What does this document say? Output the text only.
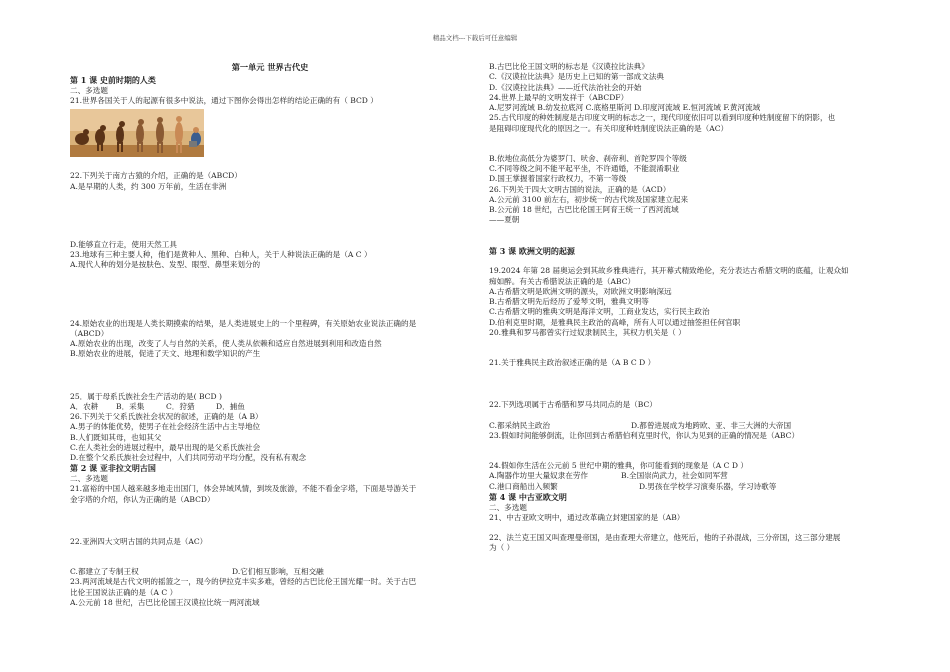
精品文档---下载后可任意编辑
第一单元 世界古代史
第 1 课 史前时期的人类
二、多选题
21.世界各国关于人的起源有很多中说法，通过下图你会得出怎样的结论正确的有（ BCD ）
22.下列关于南方古猿的介绍，正确的是（ABCD）
A.是早期的人类，约 300 万年前，生活在非洲
D.能够直立行走，使用天然工具
23.地球有三种主要人种，他们是黄种人、黑种、白种人，关于人种说法正确的是（A C ）
A.现代人种的划分是按肤色、发型、眼型、鼻型来划分的
24.原始农业的出现是人类长期摸索的结果，是人类进展史上的一个里程碑，有关原始农业说法正确的是
（ABCD）
A.原始农业的出现，改变了人与自然的关系，使人类从依赖和适应自然进展到利用和改造自然
B.原始农业的进展，促进了天文、地理和数学知识的产生
25．属于母系氏族社会生产活动的是( BCD )
A．农耕	B．采集	C．狩猎	D．捕鱼
26.下列关于父系氏族社会状况的叙述，正确的是（A B）
A.男子的体能优势，使男子在社会经济生活中占主导地位
B.人们既知其母，也知其父
C.在人类社会的进展过程中，最早出现的是父系氏族社会
D.在整个父系氏族社会过程中，人们共同劳动平均分配，没有私有观念
第 2 课 亚非拉文明古国
二、多选题
21.富裕的中国人越来越多地走出国门，体会异域风情，到埃及旅游，不能不看金字塔，下面是导游关于
金字塔的介绍，你认为正确的是（ABCD）
22.亚洲四大文明古国的共同点是（AC）
C.都建立了专制王权	D.它们相互影响，互相交融
23.两河流域是古代文明的摇篮之一，现今的伊拉克丰实多难，曾经的古巴比伦王国光耀一时。关于古巴
比伦王国说法正确的是（A C ）
A.公元前 18 世纪，古巴比伦国王汉谟拉比统一两河流域
B.古巴比伦王国文明的标志是《汉谟拉比法典》
C.《汉谟拉比法典》是历史上已知的第一部成文法典
D.《汉谟拉比法典》——近代法治社会的开始
24.世界上最早的文明发祥于（ABCDF）
A.尼罗河流域 B.幼发拉底河 C.底格里斯河 D.印度河流域 E.恒河流域 F.黄河流域
25.古代印度的种姓制度是古印度文明的标志之一，现代印度依旧可以看到印度种姓制度留下的阴影，也
是阻碍印度现代化的原因之一。有关印度种姓制度说法正确的是（AC）
B.依地位高低分为婆罗门、吠舍、刹帝利、首陀罗四个等级
C.不同等级之间不能平起平坐，不许通婚，不能混淆职业
D.国王掌握着国家行政权力，不第一等级
26.下列关于四大文明古国的说法，正确的是（ACD）
A.公元前 3100 前左右，初步统一的古代埃及国家建立起来
B.公元前 18 世纪，古巴比伦国王阿育王统一了西河流域
——夏朝
第 3 课 欧洲文明的起源
19.2024 年第 28 届奥运会到其故乡雅典进行，其开幕式精致绝伦，充分表达古希腊文明的底蕴，让观众如
痴如醉。有关古希腊说法正确的是（ABC）
A.古希腊文明是欧洲文明的源头，对欧洲文明影响深远
B.古希腊文明先后经历了爱琴文明，雅典文明等
C.古希腊文明的雅典文明是海洋文明，工商业发达，实行民主政治
D.伯利克里时期，是雅典民主政治的高峰，所有人可以通过抽签担任何官职
20.雅典和罗马都曾实行过奴隶制民主，其权力机关是（ ）
21.关于雅典民主政治叙述正确的是（A B C D ）
22.下列选项属于古希腊和罗马共同点的是（BC）
C.都采纳民主政治	D.都曾进展成为地跨欧、亚、非三大洲的大帝国
23.假如时间能够倒流，让你回到古希腊伯利克里时代，你认为见到的正确的情况是（ABC）
24.假如你生活在公元前 5 世纪中期的雅典，你可能看到的现象是（A C D ）
A.陶器作坊里大量奴隶在劳作	B.全国崇尚武力，社会如同军营
C.港口商船出入频繁	D.男孩在学校学习演奏乐器，学习诗歌等
第 4 课 中古亚欧文明
二、多选题
21、中古亚欧文明中，通过改革确立封建国家的是（AB）
22、法兰克王国又叫查理曼帝国，是由查理大帝建立，他死后，他的子孙混战，三分帝国，这三部分建展
为（ ）
